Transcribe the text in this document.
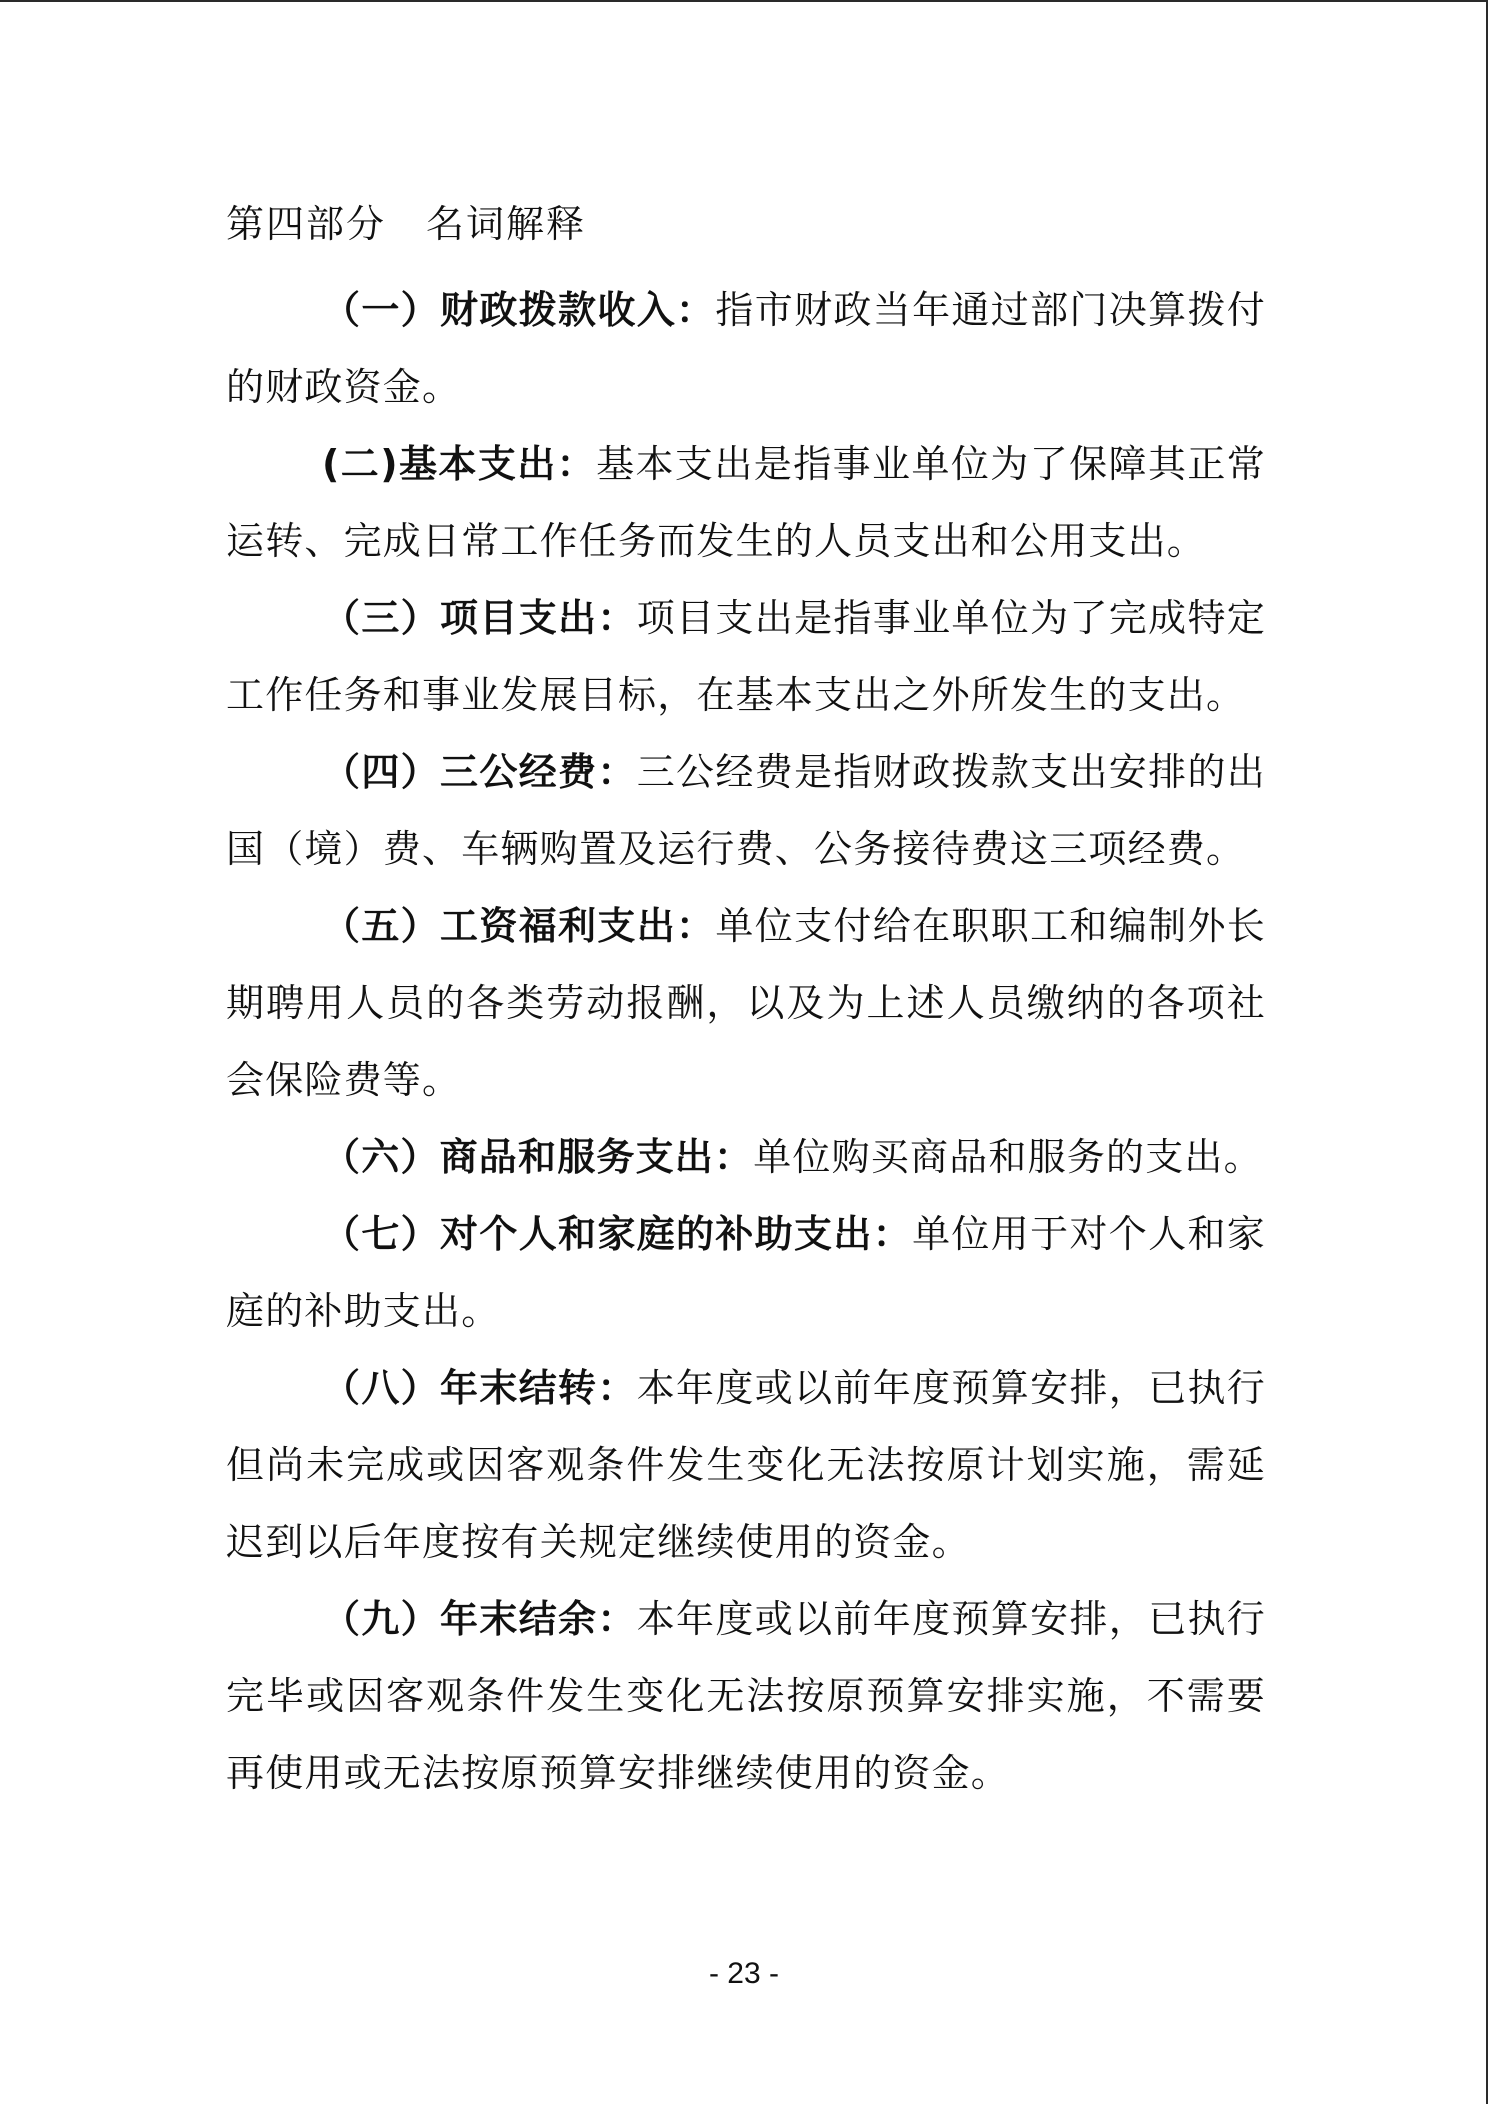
第四部分 名词解释

（一）财政拨款收入：指市财政当年通过部门决算拨付的财政资金。

(二)基本支出：基本支出是指事业单位为了保障其正常运转、完成日常工作任务而发生的人员支出和公用支出。

（三）项目支出：项目支出是指事业单位为了完成特定工作任务和事业发展目标，在基本支出之外所发生的支出。

（四）三公经费：三公经费是指财政拨款支出安排的出国（境）费、车辆购置及运行费、公务接待费这三项经费。

（五）工资福利支出：单位支付给在职职工和编制外长期聘用人员的各类劳动报酬，以及为上述人员缴纳的各项社会保险费等。

（六）商品和服务支出：单位购买商品和服务的支出。

（七）对个人和家庭的补助支出：单位用于对个人和家庭的补助支出。

（八）年末结转：本年度或以前年度预算安排，已执行但尚未完成或因客观条件发生变化无法按原计划实施，需延迟到以后年度按有关规定继续使用的资金。

（九）年末结余：本年度或以前年度预算安排，已执行完毕或因客观条件发生变化无法按原预算安排实施，不需要再使用或无法按原预算安排继续使用的资金。

- 23 -
